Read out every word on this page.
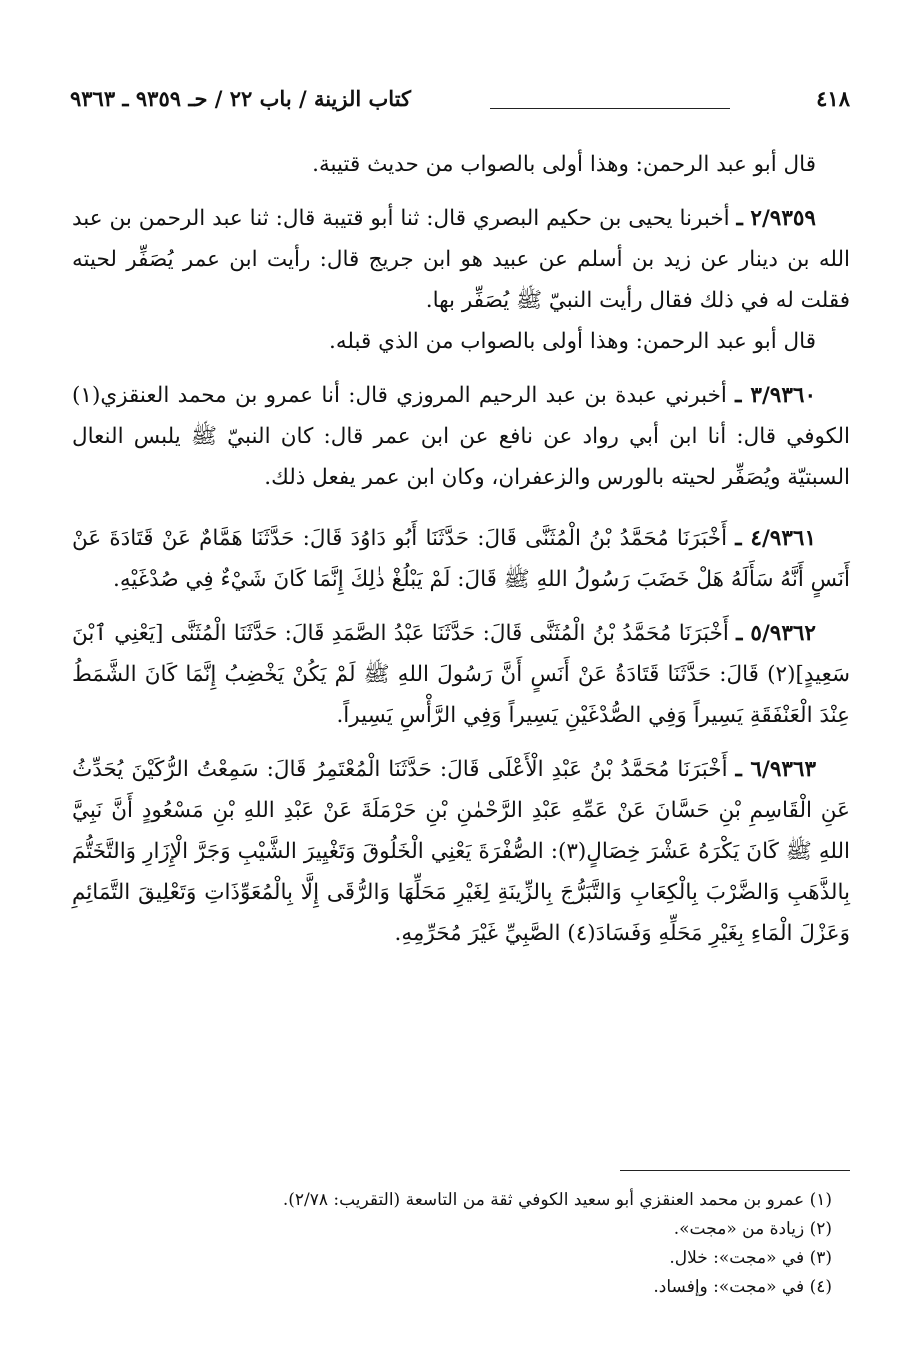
٤١٨
كتاب الزينة / باب ٢٢ / حـ ٩٣٥٩ ـ ٩٣٦٣

قال أبو عبد الرحمن: وهذا أولى بالصواب من حديث قتيبة.

٢/٩٣٥٩ ـ أخبرنا يحيى بن حكيم البصري قال: ثنا أبو قتيبة قال: ثنا عبد الرحمن بن عبد الله بن دينار عن زيد بن أسلم عن عبيد هو ابن جريج قال: رأيت ابن عمر يُصَفِّر لحيته فقلت له في ذلك فقال رأيت النبيّ ﷺ يُصَفِّر بها.

قال أبو عبد الرحمن: وهذا أولى بالصواب من الذي قبله.

٣/٩٣٦٠ ـ أخبرني عبدة بن عبد الرحيم المروزي قال: أنا عمرو بن محمد العنقزي(١) الكوفي قال: أنا ابن أبي رواد عن نافع عن ابن عمر قال: كان النبيّ ﷺ يلبس النعال السبتيّة ويُصَفِّر لحيته بالورس والزعفران، وكان ابن عمر يفعل ذلك.

٤/٩٣٦١ ـ أَخْبَرَنَا مُحَمَّدُ بْنُ الْمُثَنَّى قَالَ: حَدَّثَنَا أَبُو دَاوُدَ قَالَ: حَدَّثَنَا هَمَّامٌ عَنْ قَتَادَةَ عَنْ أَنَسٍ أَنَّهُ سَأَلَهُ هَلْ خَضَبَ رَسُولُ اللهِ ﷺ قَالَ: لَمْ يَبْلُغْ ذٰلِكَ إِنَّمَا كَانَ شَيْءٌ فِي صُدْغَيْهِ.

٥/٩٣٦٢ ـ أَخْبَرَنَا مُحَمَّدُ بْنُ الْمُثَنَّى قَالَ: حَدَّثَنَا عَبْدُ الصَّمَدِ قَالَ: حَدَّثَنَا الْمُثَنَّى [يَعْنِي ٱبْنَ سَعِيدٍ](٢) قَالَ: حَدَّثَنَا قَتَادَةُ عَنْ أَنَسٍ أَنَّ رَسُولَ اللهِ ﷺ لَمْ يَكُنْ يَخْضِبُ إِنَّمَا كَانَ الشَّمَطُ عِنْدَ الْعَنْفَقَةِ يَسِيراً وَفِي الصُّدْغَيْنِ يَسِيراً وَفِي الرَّأْسِ يَسِيراً.

٦/٩٣٦٣ ـ أَخْبَرَنَا مُحَمَّدُ بْنُ عَبْدِ الْأَعْلَى قَالَ: حَدَّثَنَا الْمُعْتَمِرُ قَالَ: سَمِعْتُ الرُّكَيْنَ يُحَدِّثُ عَنِ الْقَاسِمِ بْنِ حَسَّانَ عَنْ عَمِّهِ عَبْدِ الرَّحْمٰنِ بْنِ حَرْمَلَةَ عَنْ عَبْدِ اللهِ بْنِ مَسْعُودٍ أَنَّ نَبِيَّ اللهِ ﷺ كَانَ يَكْرَهُ عَشْرَ خِصَالٍ(٣): الصُّفْرَةَ يَعْنِي الْخَلُوقَ وَتَغْيِيرَ الشَّيْبِ وَجَرَّ الْإِزَارِ وَالتَّخَتُّمَ بِالذَّهَبِ وَالضَّرْبَ بِالْكِعَابِ وَالتَّبَرُّجَ بِالزِّينَةِ لِغَيْرِ مَحَلِّهَا وَالرُّقَى إِلَّا بِالْمُعَوِّذَاتِ وَتَعْلِيقَ التَّمَائِمِ وَعَزْلَ الْمَاءِ بِغَيْرِ مَحَلِّهِ وَفَسَادَ(٤) الصَّبِيِّ غَيْرَ مُحَرِّمِهِ.

(١) عمرو بن محمد العنقزي أبو سعيد الكوفي ثقة من التاسعة (التقريب: ٢/٧٨).

(٢) زيادة من «مجت».

(٣) في «مجت»: خلال.

(٤) في «مجت»: وإفساد.
